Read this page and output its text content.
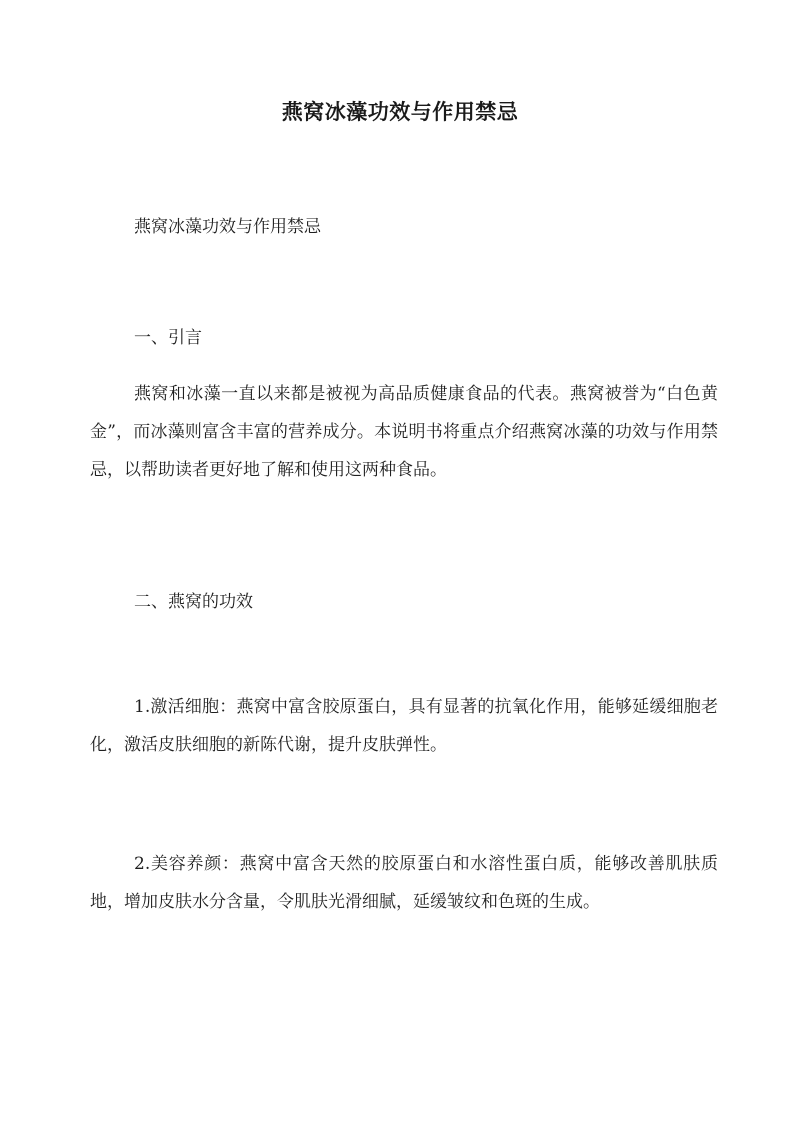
燕窝冰藻功效与作用禁忌

燕窝冰藻功效与作用禁忌

一、引言

燕窝和冰藻一直以来都是被视为高品质健康食品的代表。燕窝被誉为“白色黄金”，而冰藻则富含丰富的营养成分。本说明书将重点介绍燕窝冰藻的功效与作用禁忌，以帮助读者更好地了解和使用这两种食品。

二、燕窝的功效

1.激活细胞：燕窝中富含胶原蛋白，具有显著的抗氧化作用，能够延缓细胞老化，激活皮肤细胞的新陈代谢，提升皮肤弹性。

2.美容养颜：燕窝中富含天然的胶原蛋白和水溶性蛋白质，能够改善肌肤质地，增加皮肤水分含量，令肌肤光滑细腻，延缓皱纹和色斑的生成。
